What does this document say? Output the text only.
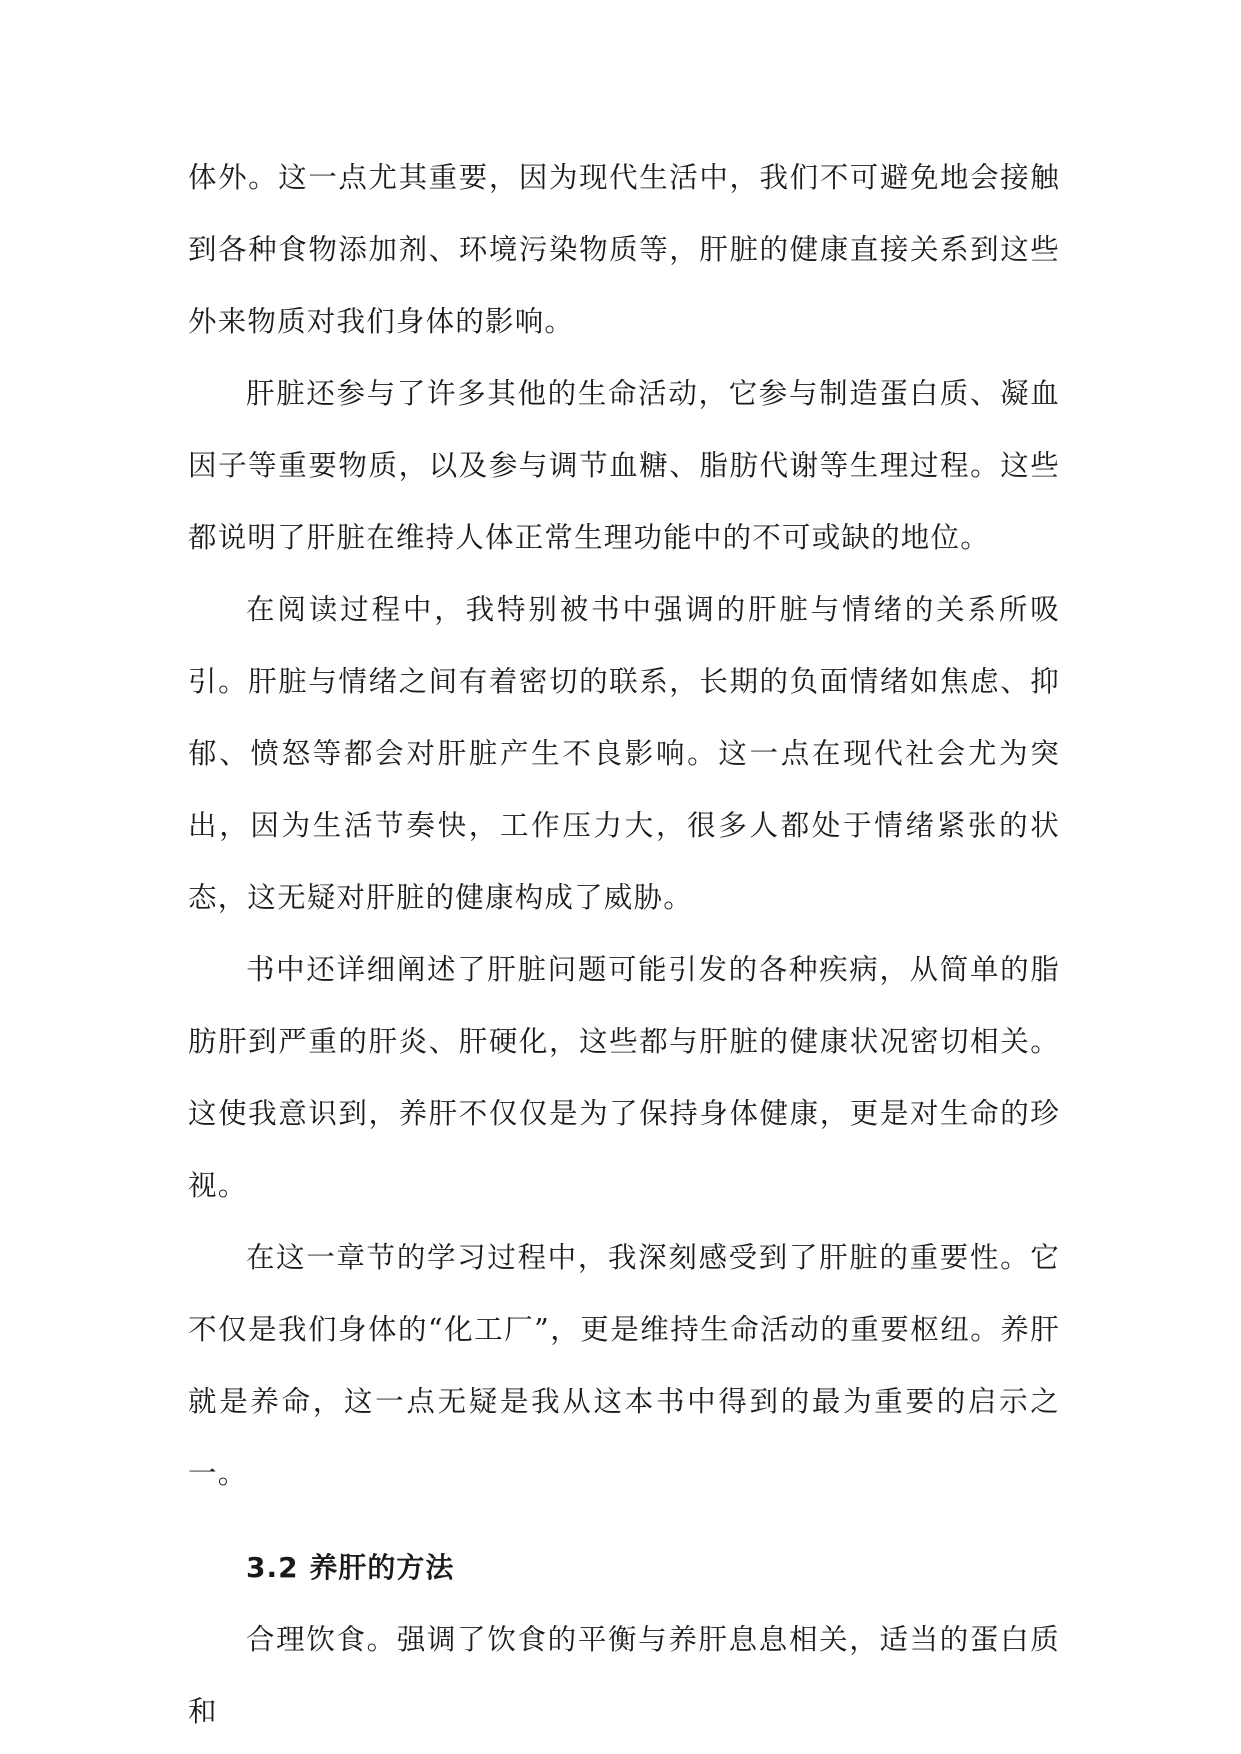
体外。这一点尤其重要，因为现代生活中，我们不可避免地会接触到各种食物添加剂、环境污染物质等，肝脏的健康直接关系到这些外来物质对我们身体的影响。

肝脏还参与了许多其他的生命活动，它参与制造蛋白质、凝血因子等重要物质，以及参与调节血糖、脂肪代谢等生理过程。这些都说明了肝脏在维持人体正常生理功能中的不可或缺的地位。

在阅读过程中，我特别被书中强调的肝脏与情绪的关系所吸引。肝脏与情绪之间有着密切的联系，长期的负面情绪如焦虑、抑郁、愤怒等都会对肝脏产生不良影响。这一点在现代社会尤为突出，因为生活节奏快，工作压力大，很多人都处于情绪紧张的状态，这无疑对肝脏的健康构成了威胁。

书中还详细阐述了肝脏问题可能引发的各种疾病，从简单的脂肪肝到严重的肝炎、肝硬化，这些都与肝脏的健康状况密切相关。这使我意识到，养肝不仅仅是为了保持身体健康，更是对生命的珍视。

在这一章节的学习过程中，我深刻感受到了肝脏的重要性。它不仅是我们身体的“化工厂”，更是维持生命活动的重要枢纽。养肝就是养命，这一点无疑是我从这本书中得到的最为重要的启示之一。

3.2 养肝的方法

合理饮食。强调了饮食的平衡与养肝息息相关，适当的蛋白质和
